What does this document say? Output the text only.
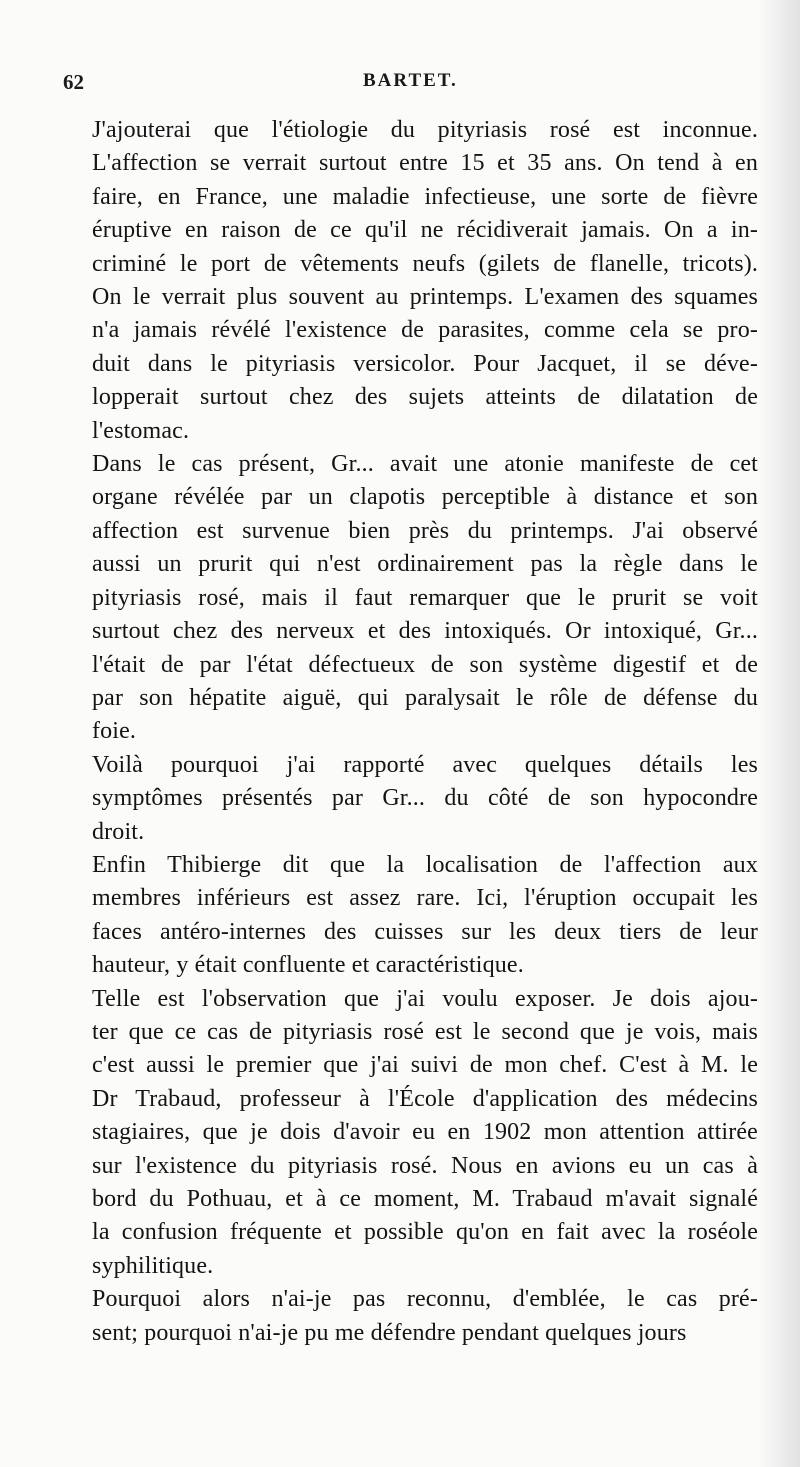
62	BARTET.

J'ajouterai que l'étiologie du pityriasis rosé est inconnue.
L'affection se verrait surtout entre 15 et 35 ans. On tend à en
faire, en France, une maladie infectieuse, une sorte de fièvre
éruptive en raison de ce qu'il ne récidiverait jamais. On a in-
criminé le port de vêtements neufs (gilets de flanelle, tricots).
On le verrait plus souvent au printemps. L'examen des squames
n'a jamais révélé l'existence de parasites, comme cela se pro-
duit dans le pityriasis versicolor. Pour Jacquet, il se déve-
lopperait surtout chez des sujets atteints de dilatation de
l'estomac.

Dans le cas présent, Gr... avait une atonie manifeste de cet
organe révélée par un clapotis perceptible à distance et son
affection est survenue bien près du printemps. J'ai observé
aussi un prurit qui n'est ordinairement pas la règle dans le
pityriasis rosé, mais il faut remarquer que le prurit se voit
surtout chez des nerveux et des intoxiqués. Or intoxiqué, Gr...
l'était de par l'état défectueux de son système digestif et de
par son hépatite aiguë, qui paralysait le rôle de défense du
foie.

Voilà pourquoi j'ai rapporté avec quelques détails les
symptômes présentés par Gr... du côté de son hypocondre
droit.

Enfin Thibierge dit que la localisation de l'affection aux
membres inférieurs est assez rare. Ici, l'éruption occupait les
faces antéro-internes des cuisses sur les deux tiers de leur
hauteur, y était confluente et caractéristique.

Telle est l'observation que j'ai voulu exposer. Je dois ajou-
ter que ce cas de pityriasis rosé est le second que je vois, mais
c'est aussi le premier que j'ai suivi de mon chef. C'est à M. le
Dr Trabaud, professeur à l'École d'application des médecins
stagiaires, que je dois d'avoir eu en 1902 mon attention attirée
sur l'existence du pityriasis rosé. Nous en avions eu un cas à
bord du Pothuau, et à ce moment, M. Trabaud m'avait signalé
la confusion fréquente et possible qu'on en fait avec la roséole
syphilitique.

Pourquoi alors n'ai-je pas reconnu, d'emblée, le cas pré-
sent; pourquoi n'ai-je pu me défendre pendant quelques jours
